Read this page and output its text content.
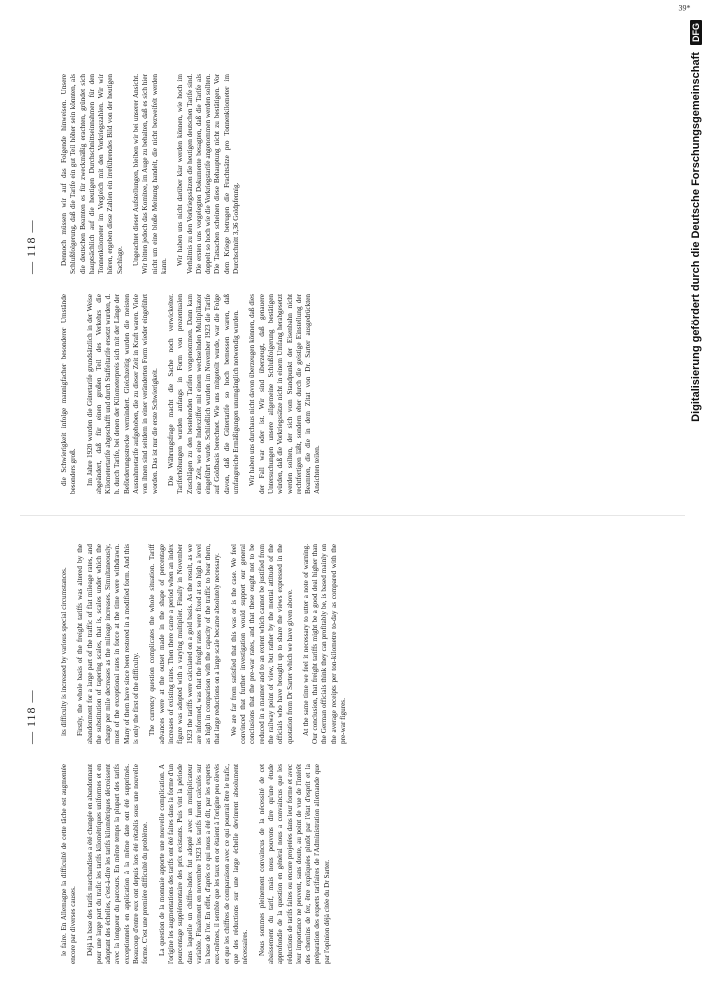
— 118 —
— 118 —

le faire. En Allemagne la difficulté de cette tâche est augmentée encore par diverses causes. Déjà la base des tarifs marchandises a été changée en abandonnant pour une large part du trafic les tarifs kilométriques uniformes et en adoptant des échelles, c'est-à-dire les tarifs kilométriques décroissent avec la longueur du parcours. En même temps la plupart des tarifs exceptionnels en application à la même date ont été supprimés. Beaucoup d'entre eux ont depuis lors été rétablis sous une nouvelle forme. C'est une première difficulté du problème. La question de la monnaie apporte une nouvelle complication. A l'origine les augmentations des tarifs ont été faites dans la forme d'un pourcentage supplémentaire des prix existants. Puis vint la période dans laquelle un chiffre-index fut adopté avec un multiplicateur variable. Finalement en novembre 1923 les tarifs furent calculés sur la base de l'or. En effet, d'après ce qui nous a été dit, par les experts eux-mêmes, il semble que les taux en or étaient à l'origine peu élevés et que les chiffres de comparaison avec ce qui pourrait être le trafic, que des réductions sur une large échelle devinrent absolument nécessaires. Nous sommes pleinement convaincus de la nécessité de cet abaissement du tarif, mais nous pouvons dire qu'une étude approfondie de la question en général nous a convaincus que les réductions de tarifs faites ou encore projetées dans leur forme et avec leur importance ne peuvent, sans doute, au point de vue de l'intérêt des chemins de fer, être expliquées plutôt par l'état d'esprit et la préparation des experts tarifaires de l'Administration allemande que par l'opinion déjà citée du Dr Sarter.

its difficulty is increased by various special circumstances. Firstly, the whole basis of the freight tariffs was altered by the abandonment for a large part of the traffic of flat mileage rates, and the substitution of tapering scales, that is, scales under which the charge per mile decreases as the mileage increases. Simultaneously, most of the exceptional rates in force at the time were withdrawn. Many of them have since been restored in a modified form. And this is only the first of the difficulty. The currency question complicates the whole situation. Tariff advances were at the outset made in the shape of percentage increases of existing rates. Then there came a period when an index figure was adopted with a varying multiplier. Finally in November 1923 the tariffs were calculated on a gold basis. As the result, as we are informed, was that the freight rates were fixed at so high a level as high in comparison with the capacity of the traffic to bear them, that large reductions on a large scale became absolutely necessary. We are far from satisfied that this was or is the case. We feel convinced that further investigation would support our general conclusions that the pre-war rates, and that these ought not to be reduced in a manner and to an extent which cannot be justified from the railway point of view, but rather by the mental attitude of the officials who have brought up to share the views expressed in the quotation from Dr Sarter which we have given above. At the same time we feel it necessary to utter a note of warning. Our conclusion, that freight tariffs might be a good deal higher than the German officials think they can profitably be, is based mainly on the average receipts per ton-kilometre to-day as compared with the pre-war figures.

die Schwierigkeit infolge mannigfacher besonderer Umstände besonders groß. Im Jahre 1920 wurden die Gütertarife grundsätzlich in der Weise abgeändert, daß für einen großen Teil des Verkehrs die Kilometertarife abgeschafft und durch Staffeltarife ersetzt wurden, d. h. durch Tarife, bei denen der Kilometerpreis sich mit der Länge der Beförderungsstrecke vermindert. Gleichzeitig wurden die meisten Ausnahmetarife aufgehoben, die zu dieser Zeit in Kraft waren. Viele von ihnen sind seitdem in einer veränderten Form wieder eingeführt worden. Das ist nur die erste Schwierigkeit. Die Währungsfrage macht die Sache noch verwickelter. Tariferhöhungen wurden anfangs in Form von prozentualen Zuschlägen zu den bestehenden Tarifen vorgenommen. Dann kam eine Zeit, wo eine Indexziffer mit einem wechselnden Multiplikator eingeführt wurde. Schließlich wurden im November 1923 die Tarife auf Goldbasis berechnet. Wie uns mitgeteilt wurde, war die Folge davon, daß die Gütertarife so hoch bemessen waren, daß umfangreiche Ermäßigungen unumgänglich notwendig wurden. Wir haben uns durchaus nicht davon überzeugen können, daß dies der Fall war oder ist. Wir sind überzeugt, daß genauere Untersuchungen unsere allgemeine Schlußfolgerung bestätigen würden, daß die Vorkriegssätze nicht in einem Umfang herabgesetzt werden sollten, der sich vom Standpunkt der Eisenbahn nicht rechtfertigen läßt, sondern eher durch die geistige Einstellung der Beamten, die die in dem Zitat von Dr. Sarter ausgedrückten Ansichten teilen.

Dennoch müssen wir auf das Folgende hinweisen. Unsere Schlußfolgerung, daß die Tarife ein gut Teil höher sein könnten, als die deutschen Beamten es für zweckmäßig erachten, gründet sich hauptsächlich auf die heutigen Durchschnittseinnahmen für den Tonnenkilometer im Vergleich mit den Vorkriegszahlen. Wir wir hören, ergeben diese Zahlen ein irreführendes Bild von der heutigen Sachlage. Ungeachtet dieser Aufstellungen, bleiben wir bei unserer Ansicht. Wir bitten jedoch das Komitee, im Auge zu behalten, daß es sich hier nicht um eine bloße Meinung handelt, die nicht bezweifelt werden kann.

Wir haben uns nicht darüber klar werden können, wie hoch im Verhältnis zu den Vorkriegssätzen die heutigen deutschen Tarife sind. Die ersten uns vorgelegten Dokumente besagten, daß die Tarife als doppelt so hoch wie die Vorkriegstarife angenommen werden sollten. Die Tatsachen scheinen diese Behauptung nicht zu bestätigen. Vor dem Kriege betrugen die Frachtsätze pro Tonnenkilometer im Durchschnitt 3,36 Goldpfennig.

39*
Digitalisierung gefördert durch die Deutsche Forschungsgemeinschaft DFG
